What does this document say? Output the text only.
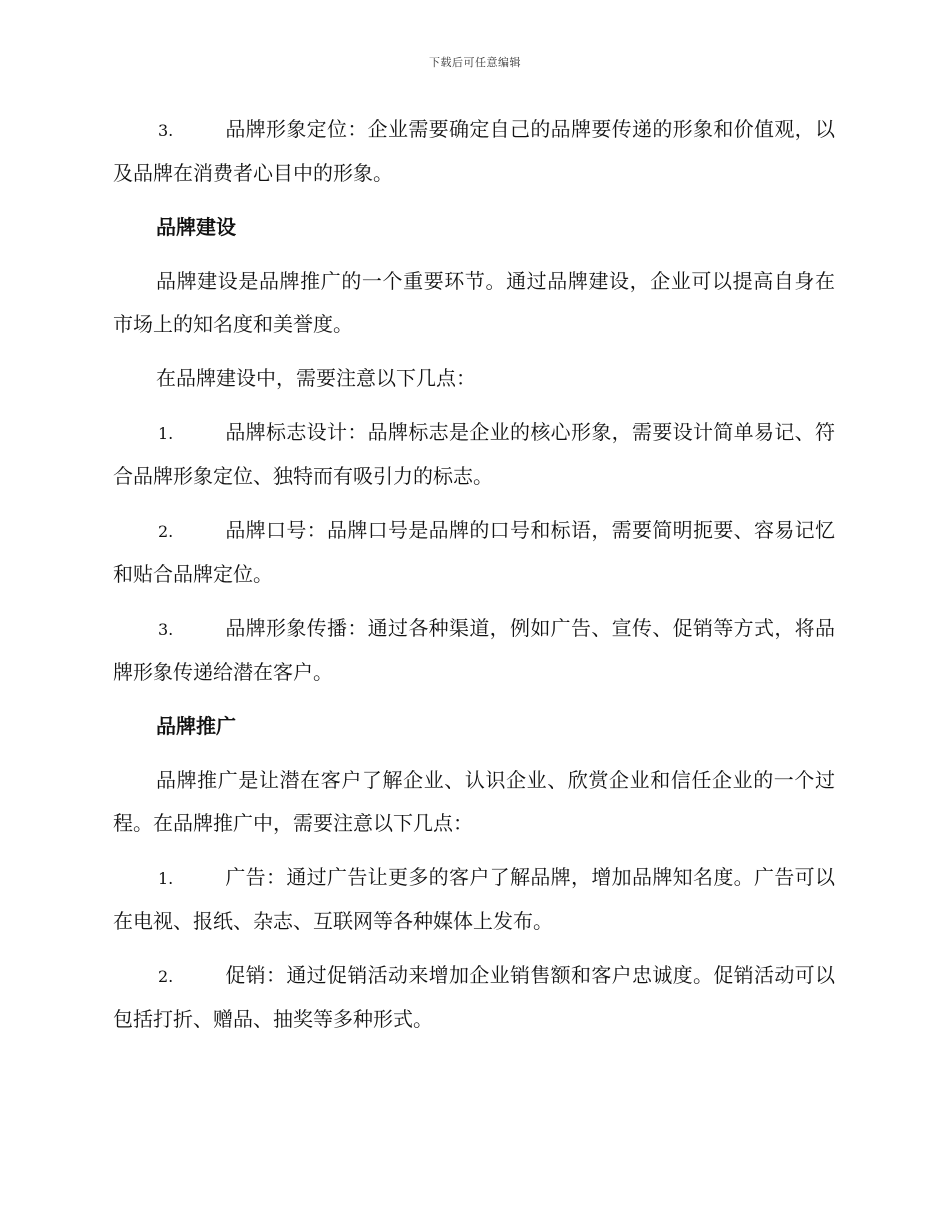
下载后可任意编辑

3.	品牌形象定位：企业需要确定自己的品牌要传递的形象和价值观，以及品牌在消费者心目中的形象。

品牌建设

品牌建设是品牌推广的一个重要环节。通过品牌建设，企业可以提高自身在市场上的知名度和美誉度。

在品牌建设中，需要注意以下几点：

1.	品牌标志设计：品牌标志是企业的核心形象，需要设计简单易记、符合品牌形象定位、独特而有吸引力的标志。

2.	品牌口号：品牌口号是品牌的口号和标语，需要简明扼要、容易记忆和贴合品牌定位。

3.	品牌形象传播：通过各种渠道，例如广告、宣传、促销等方式，将品牌形象传递给潜在客户。

品牌推广

品牌推广是让潜在客户了解企业、认识企业、欣赏企业和信任企业的一个过程。在品牌推广中，需要注意以下几点：

1.	广告：通过广告让更多的客户了解品牌，增加品牌知名度。广告可以在电视、报纸、杂志、互联网等各种媒体上发布。

2.	促销：通过促销活动来增加企业销售额和客户忠诚度。促销活动可以包括打折、赠品、抽奖等多种形式。
